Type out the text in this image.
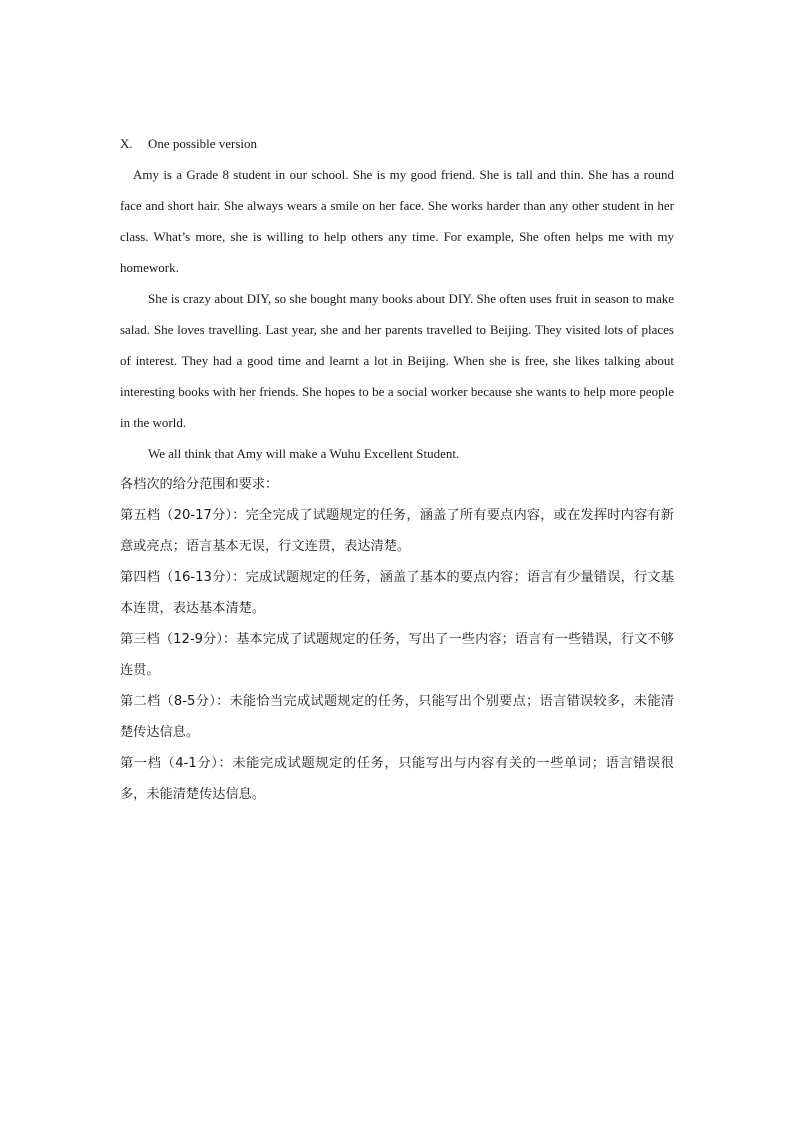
X.	One possible version

Amy is a Grade 8 student in our school. She is my good friend. She is tall and thin. She has a round face and short hair. She always wears a smile on her face. She works harder than any other student in her class. What’s more, she is willing to help others any time. For example, She often helps me with my homework.

She is crazy about DIY, so she bought many books about DIY. She often uses fruit in season to make salad. She loves travelling. Last year, she and her parents travelled to Beijing. They visited lots of places of interest. They had a good time and learnt a lot in Beijing. When she is free, she likes talking about interesting books with her friends. She hopes to be a social worker because she wants to help more people in the world.

We all think that Amy will make a Wuhu Excellent Student.

各档次的给分范围和要求：

第五档（20-17分）：完全完成了试题规定的任务，涵盖了所有要点内容，或在发挥时内容有新意或亮点；语言基本无误，行文连贯，表达清楚。

第四档（16-13分）：完成试题规定的任务，涵盖了基本的要点内容；语言有少量错误，行文基本连贯，表达基本清楚。

第三档（12-9分）：基本完成了试题规定的任务，写出了一些内容；语言有一些错误，行文不够连贯。

第二档（8-5分）：未能恰当完成试题规定的任务，只能写出个别要点；语言错误较多，未能清楚传达信息。

第一档（4-1分）：未能完成试题规定的任务，只能写出与内容有关的一些单词；语言错误很多，未能清楚传达信息。
